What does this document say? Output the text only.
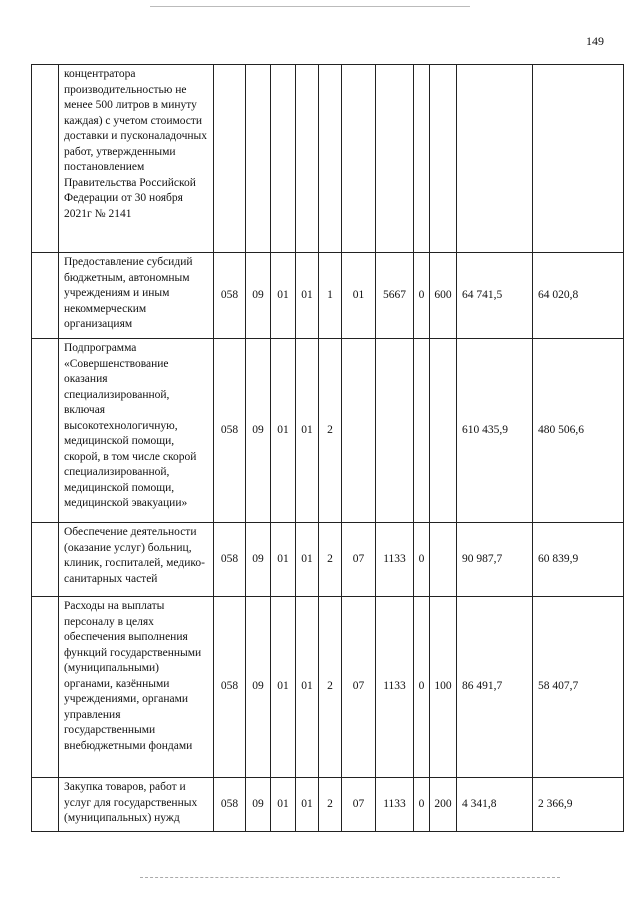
149
	концентратора производительностью не менее 500 литров в минуту каждая) с учетом стоимости доставки и пусконаладочных работ, утвержденными постановлением Правительства Российской Федерации от 30 ноября 2021г № 2141											
	Предоставление субсидий бюджетным, автономным учреждениям и иным некоммерческим организациям	058	09	01	01	1	01	5667	0	600	64 741,5	64 020,8
	Подпрограмма «Совершенствование оказания специализированной, включая высокотехнологичную, медицинской помощи, скорой, в том числе скорой специализированной, медицинской помощи, медицинской эвакуации»	058	09	01	01	2					610 435,9	480 506,6
	Обеспечение деятельности (оказание услуг) больниц, клиник, госпиталей, медико-санитарных частей	058	09	01	01	2	07	1133	0		90 987,7	60 839,9
	Расходы на выплаты персоналу в целях обеспечения выполнения функций государственными (муниципальными) органами, казёнными учреждениями, органами управления государственными внебюджетными фондами	058	09	01	01	2	07	1133	0	100	86 491,7	58 407,7
	Закупка товаров, работ и услуг для государственных (муниципальных) нужд	058	09	01	01	2	07	1133	0	200	4 341,8	2 366,9
